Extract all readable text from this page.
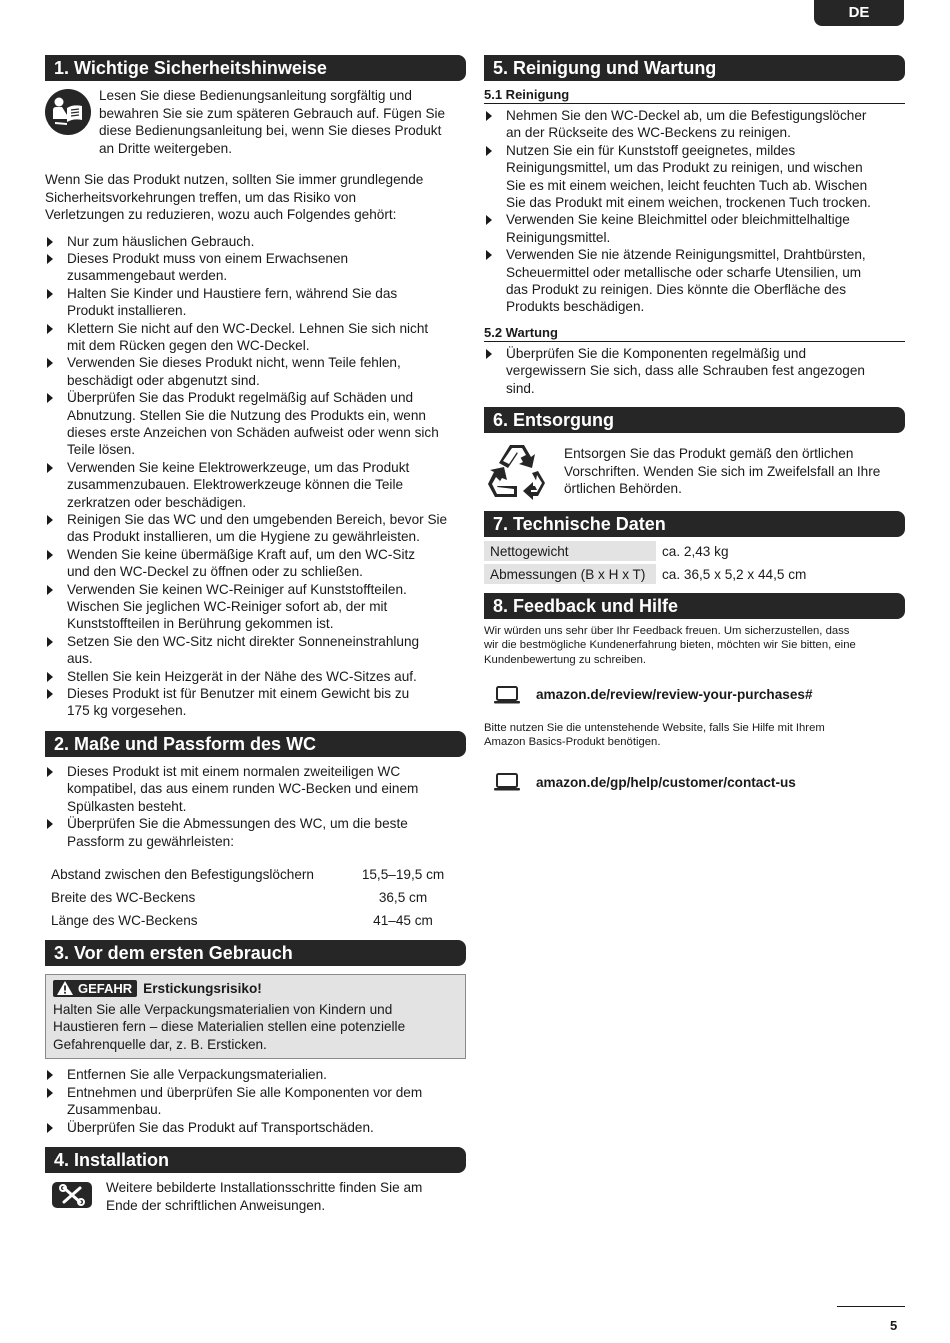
DE
1. Wichtige Sicherheitshinweise

Lesen Sie diese Bedienungsanleitung sorgfältig und

bewahren Sie sie zum späteren Gebrauch auf. Fügen Sie

diese Bedienungsanleitung bei, wenn Sie dieses Produkt

an Dritte weitergeben.

Wenn Sie das Produkt nutzen, sollten Sie immer grundlegende

Sicherheitsvorkehrungen treffen, um das Risiko von

Verletzungen zu reduzieren, wozu auch Folgendes gehört:

Nur zum häuslichen Gebrauch.
Dieses Produkt muss von einem Erwachsenen
zusammengebaut werden.
Halten Sie Kinder und Haustiere fern, während Sie das
Produkt installieren.
Klettern Sie nicht auf den WC-Deckel. Lehnen Sie sich nicht
mit dem Rücken gegen den WC-Deckel.
Verwenden Sie dieses Produkt nicht, wenn Teile fehlen,
beschädigt oder abgenutzt sind.
Überprüfen Sie das Produkt regelmäßig auf Schäden und
Abnutzung. Stellen Sie die Nutzung des Produkts ein, wenn
dieses erste Anzeichen von Schäden aufweist oder wenn sich
Teile lösen.
Verwenden Sie keine Elektrowerkzeuge, um das Produkt
zusammenzubauen. Elektrowerkzeuge können die Teile
zerkratzen oder beschädigen.
Reinigen Sie das WC und den umgebenden Bereich, bevor Sie
das Produkt installieren, um die Hygiene zu gewährleisten.
Wenden Sie keine übermäßige Kraft auf, um den WC-Sitz
und den WC-Deckel zu öffnen oder zu schließen.
Verwenden Sie keinen WC-Reiniger auf Kunststoffteilen.
Wischen Sie jeglichen WC-Reiniger sofort ab, der mit
Kunststoffteilen in Berührung gekommen ist.
Setzen Sie den WC-Sitz nicht direkter Sonneneinstrahlung
aus.
Stellen Sie kein Heizgerät in der Nähe des WC-Sitzes auf.
Dieses Produkt ist für Benutzer mit einem Gewicht bis zu
175 kg vorgesehen.
2. Maße und Passform des WC
Dieses Produkt ist mit einem normalen zweiteiligen WC
kompatibel, das aus einem runden WC-Becken und einem
Spülkasten besteht.
Überprüfen Sie die Abmessungen des WC, um die beste
Passform zu gewährleisten:
Abstand zwischen den Befestigungslöchern	15,5–19,5 cm
Breite des WC-Beckens	36,5 cm
Länge des WC-Beckens	41–45 cm
3. Vor dem ersten Gebrauch
GEFAHR Erstickungsrisiko!

Halten Sie alle Verpackungsmaterialien von Kindern und

Haustieren fern – diese Materialien stellen eine potenzielle

Gefahrenquelle dar, z. B. Ersticken.

Entfernen Sie alle Verpackungsmaterialien.
Entnehmen und überprüfen Sie alle Komponenten vor dem
Zusammenbau.
Überprüfen Sie das Produkt auf Transportschäden.
4. Installation

Weitere bebilderte Installationsschritte finden Sie am

Ende der schriftlichen Anweisungen.

5. Reinigung und Wartung
5.1 Reinigung
Nehmen Sie den WC-Deckel ab, um die Befestigungslöcher
an der Rückseite des WC-Beckens zu reinigen.
Nutzen Sie ein für Kunststoff geeignetes, mildes
Reinigungsmittel, um das Produkt zu reinigen, und wischen
Sie es mit einem weichen, leicht feuchten Tuch ab. Wischen
Sie das Produkt mit einem weichen, trockenen Tuch trocken.
Verwenden Sie keine Bleichmittel oder bleichmittelhaltige
Reinigungsmittel.
Verwenden Sie nie ätzende Reinigungsmittel, Drahtbürsten,
Scheuermittel oder metallische oder scharfe Utensilien, um
das Produkt zu reinigen. Dies könnte die Oberfläche des
Produkts beschädigen.
5.2 Wartung
Überprüfen Sie die Komponenten regelmäßig und
vergewissern Sie sich, dass alle Schrauben fest angezogen
sind.
6. Entsorgung

Entsorgen Sie das Produkt gemäß den örtlichen

Vorschriften. Wenden Sie sich im Zweifelsfall an Ihre

örtlichen Behörden.

7. Technische Daten
Nettogewicht	ca. 2,43 kg
Abmessungen (B x H x T)	ca. 36,5 x 5,2 x 44,5 cm
8. Feedback und Hilfe

Wir würden uns sehr über Ihr Feedback freuen. Um sicherzustellen, dass

wir die bestmögliche Kundenerfahrung bieten, möchten wir Sie bitten, eine

Kundenbewertung zu schreiben.

amazon.de/review/review-your-purchases#

Bitte nutzen Sie die untenstehende Website, falls Sie Hilfe mit Ihrem

Amazon Basics-Produkt benötigen.

amazon.de/gp/help/customer/contact-us
5
